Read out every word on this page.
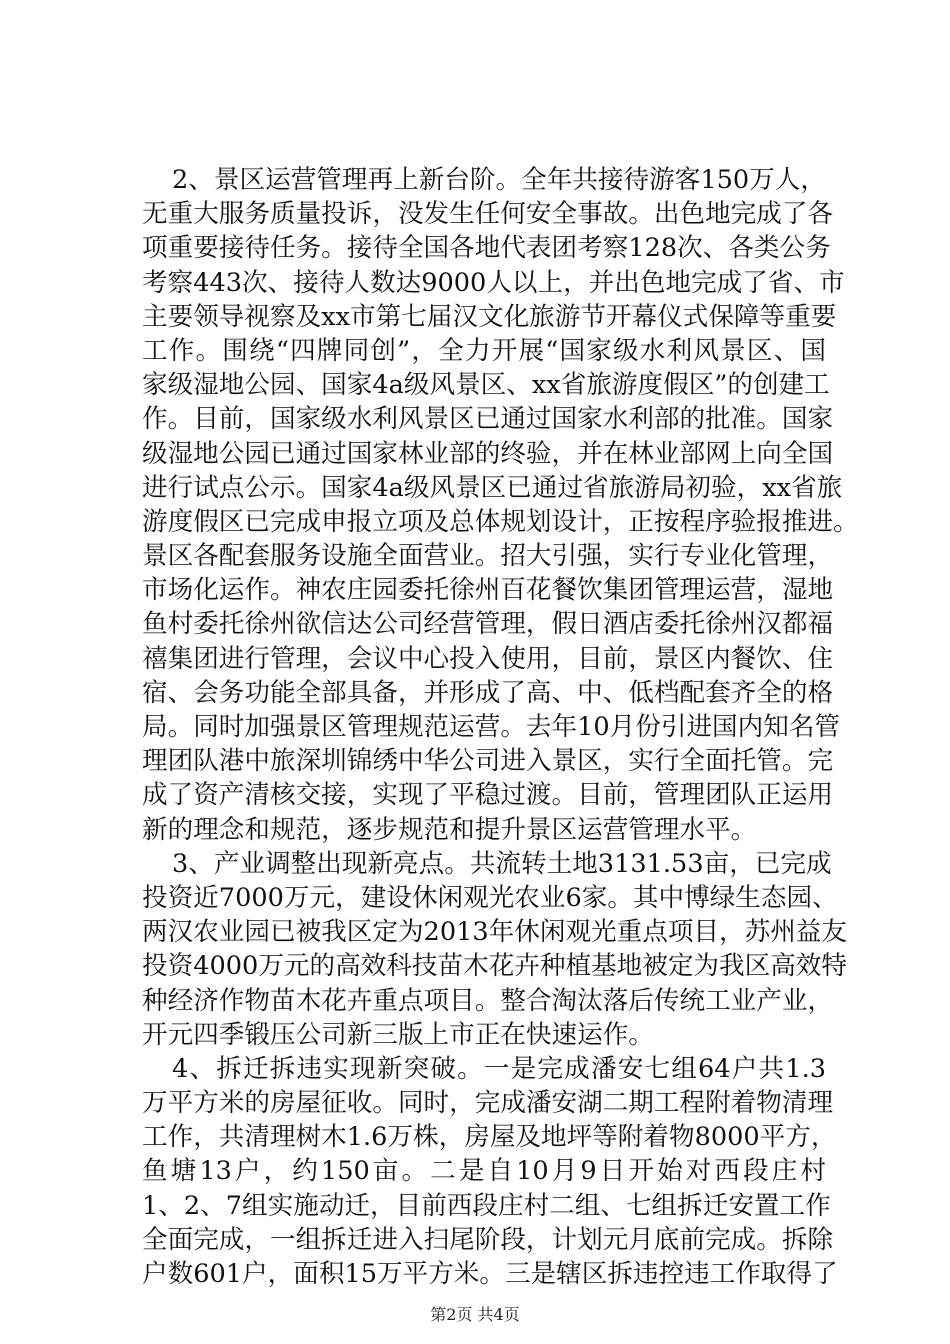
2、景区运营管理再上新台阶。全年共接待游客150万人，
无重大服务质量投诉，没发生任何安全事故。出色地完成了各
项重要接待任务。接待全国各地代表团考察128次、各类公务
考察443次、接待人数达9000人以上，并出色地完成了省、市
主要领导视察及xx市第七届汉文化旅游节开幕仪式保障等重要
工作。围绕“四牌同创”，全力开展“国家级水利风景区、国
家级湿地公园、国家4a级风景区、xx省旅游度假区”的创建工
作。目前，国家级水利风景区已通过国家水利部的批准。国家
级湿地公园已通过国家林业部的终验，并在林业部网上向全国
进行试点公示。国家4a级风景区已通过省旅游局初验，xx省旅
游度假区已完成申报立项及总体规划设计，正按程序验报推进。
景区各配套服务设施全面营业。招大引强，实行专业化管理，
市场化运作。神农庄园委托徐州百花餐饮集团管理运营，湿地
鱼村委托徐州欲信达公司经营管理，假日酒店委托徐州汉都福
禧集团进行管理，会议中心投入使用，目前，景区内餐饮、住
宿、会务功能全部具备，并形成了高、中、低档配套齐全的格
局。同时加强景区管理规范运营。去年10月份引进国内知名管
理团队港中旅深圳锦绣中华公司进入景区，实行全面托管。完
成了资产清核交接，实现了平稳过渡。目前，管理团队正运用
新的理念和规范，逐步规范和提升景区运营管理水平。
3、产业调整出现新亮点。共流转土地3131.53亩，已完成
投资近7000万元，建设休闲观光农业6家。其中博绿生态园、
两汉农业园已被我区定为2013年休闲观光重点项目，苏州益友
投资4000万元的高效科技苗木花卉种植基地被定为我区高效特
种经济作物苗木花卉重点项目。整合淘汰落后传统工业产业，
开元四季锻压公司新三版上市正在快速运作。
4、拆迁拆违实现新突破。一是完成潘安七组64户共1.3
万平方米的房屋征收。同时，完成潘安湖二期工程附着物清理
工作，共清理树木1.6万株，房屋及地坪等附着物8000平方，
鱼塘13户，约150亩。二是自10月9日开始对西段庄村
1、2、7组实施动迁，目前西段庄村二组、七组拆迁安置工作
全面完成，一组拆迁进入扫尾阶段，计划元月底前完成。拆除
户数601户，面积15万平方米。三是辖区拆违控违工作取得了
第2页 共4页
